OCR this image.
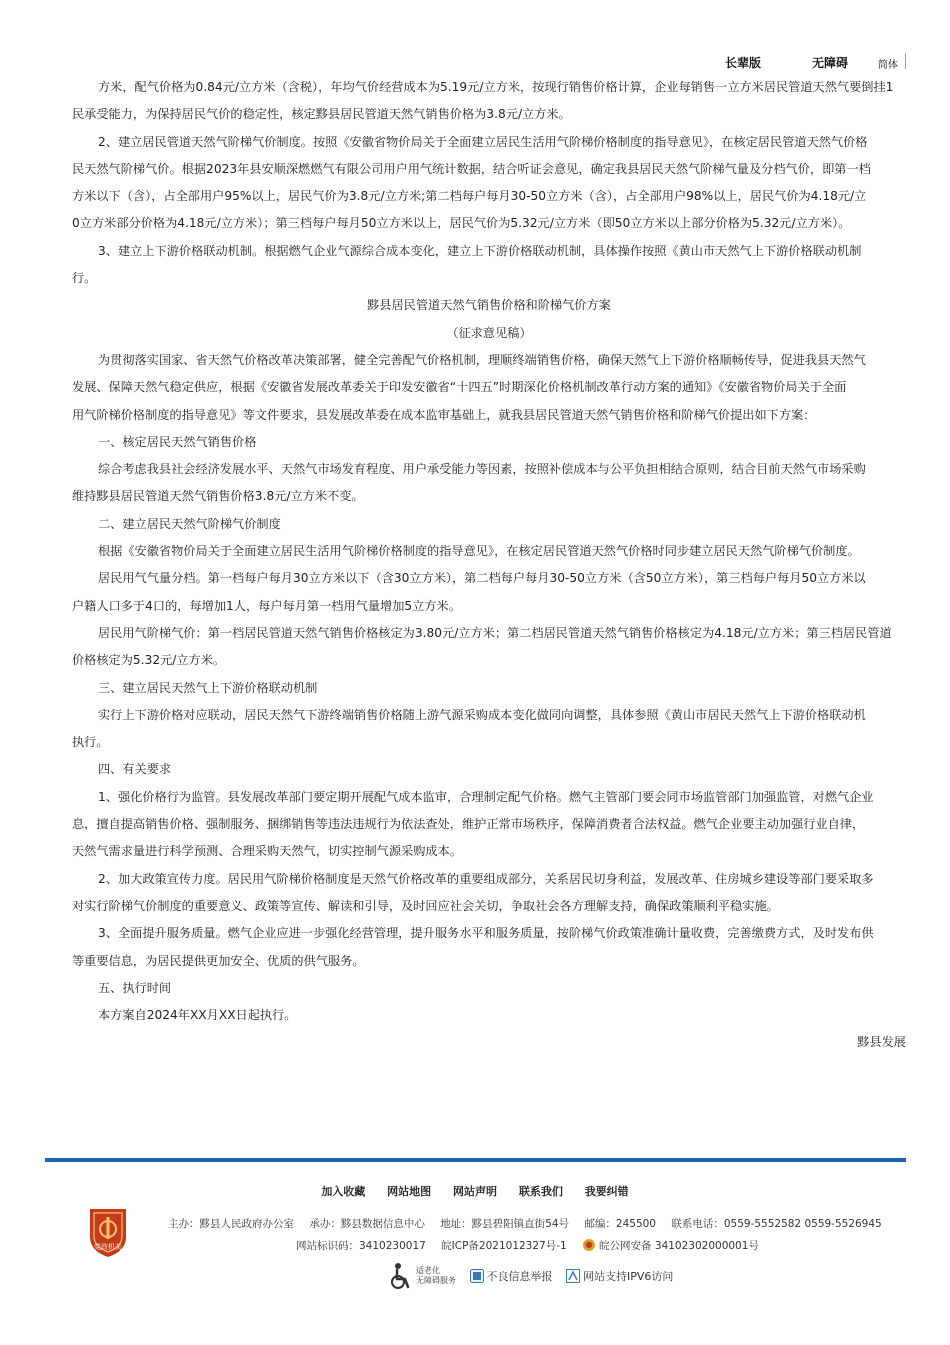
长辈版	无障碍	简体

方米，配气价格为0.84元/立方米（含税），年均气价经营成本为5.19元/立方米，按现行销售价格计算，企业每销售一立方米居民管道天然气要倒挂1
民承受能力，为保持居民气价的稳定性，核定黟县居民管道天然气销售价格为3.8元/立方米。

2、建立居民管道天然气阶梯气价制度。按照《安徽省物价局关于全面建立居民生活用气阶梯价格制度的指导意见》，在核定居民管道天然气价格
民天然气阶梯气价。根据2023年县安顺深燃燃气有限公司用户用气统计数据，结合听证会意见，确定我县居民天然气阶梯气量及分档气价，即第一档
方米以下（含），占全部用户95%以上，居民气价为3.8元/立方米;第二档每户每月30-50立方米（含），占全部用户98%以上，居民气价为4.18元/立
0立方米部分价格为4.18元/立方米）；第三档每户每月50立方米以上，居民气价为5.32元/立方米（即50立方米以上部分价格为5.32元/立方米）。

3、建立上下游价格联动机制。根据燃气企业气源综合成本变化，建立上下游价格联动机制，具体操作按照《黄山市天然气上下游价格联动机制
行。

黟县居民管道天然气销售价格和阶梯气价方案

（征求意见稿）

为贯彻落实国家、省天然气价格改革决策部署，健全完善配气价格机制，理顺终端销售价格，确保天然气上下游价格顺畅传导，促进我县天然气
发展、保障天然气稳定供应，根据《安徽省发展改革委关于印发安徽省“十四五”时期深化价格机制改革行动方案的通知》《安徽省物价局关于全面
用气阶梯价格制度的指导意见》等文件要求，县发展改革委在成本监审基础上，就我县居民管道天然气销售价格和阶梯气价提出如下方案：

一、核定居民天然气销售价格

综合考虑我县社会经济发展水平、天然气市场发育程度、用户承受能力等因素，按照补偿成本与公平负担相结合原则，结合目前天然气市场采购
维持黟县居民管道天然气销售价格3.8元/立方米不变。

二、建立居民天然气阶梯气价制度

根据《安徽省物价局关于全面建立居民生活用气阶梯价格制度的指导意见》，在核定居民管道天然气价格时同步建立居民天然气阶梯气价制度。

居民用气气量分档。第一档每户每月30立方米以下（含30立方米），第二档每户每月30-50立方米（含50立方米），第三档每户每月50立方米以
户籍人口多于4口的，每增加1人，每户每月第一档用气量增加5立方米。

居民用气阶梯气价：第一档居民管道天然气销售价格核定为3.80元/立方米；第二档居民管道天然气销售价格核定为4.18元/立方米；第三档居民管道
价格核定为5.32元/立方米。

三、建立居民天然气上下游价格联动机制

实行上下游价格对应联动，居民天然气下游终端销售价格随上游气源采购成本变化做同向调整，具体参照《黄山市居民天然气上下游价格联动机
执行。

四、有关要求

1、强化价格行为监管。县发展改革部门要定期开展配气成本监审，合理制定配气价格。燃气主管部门要会同市场监管部门加强监管，对燃气企业
息，擅自提高销售价格、强制服务、捆绑销售等违法违规行为依法查处，维护正常市场秩序，保障消费者合法权益。燃气企业要主动加强行业自律，
天然气需求量进行科学预测、合理采购天然气，切实控制气源采购成本。

2、加大政策宣传力度。居民用气阶梯价格制度是天然气价格改革的重要组成部分，关系居民切身利益，发展改革、住房城乡建设等部门要采取多
对实行阶梯气价制度的重要意义、政策等宣传、解读和引导，及时回应社会关切，争取社会各方理解支持，确保政策顺利平稳实施。

3、全面提升服务质量。燃气企业应进一步强化经营管理，提升服务水平和服务质量，按阶梯气价政策准确计量收费，完善缴费方式，及时发布供
等重要信息，为居民提供更加安全、优质的供气服务。

五、执行时间

本方案自2024年XX月XX日起执行。

黟县发展

加入收藏 网站地图 网站声明 联系我们 我要纠错
党政机关
主办：黟县人民政府办公室 承办：黟县数据信息中心 地址：黟县碧阳镇直街54号 邮编：245500 联系电话：0559-5552582 0559-5526945
网站标识码：3410230017 皖ICP备2021012327号-1	皖公网安备 34102302000001号
适老化
无障碍服务
	不良信息举报
	网站支持IPV6访问
